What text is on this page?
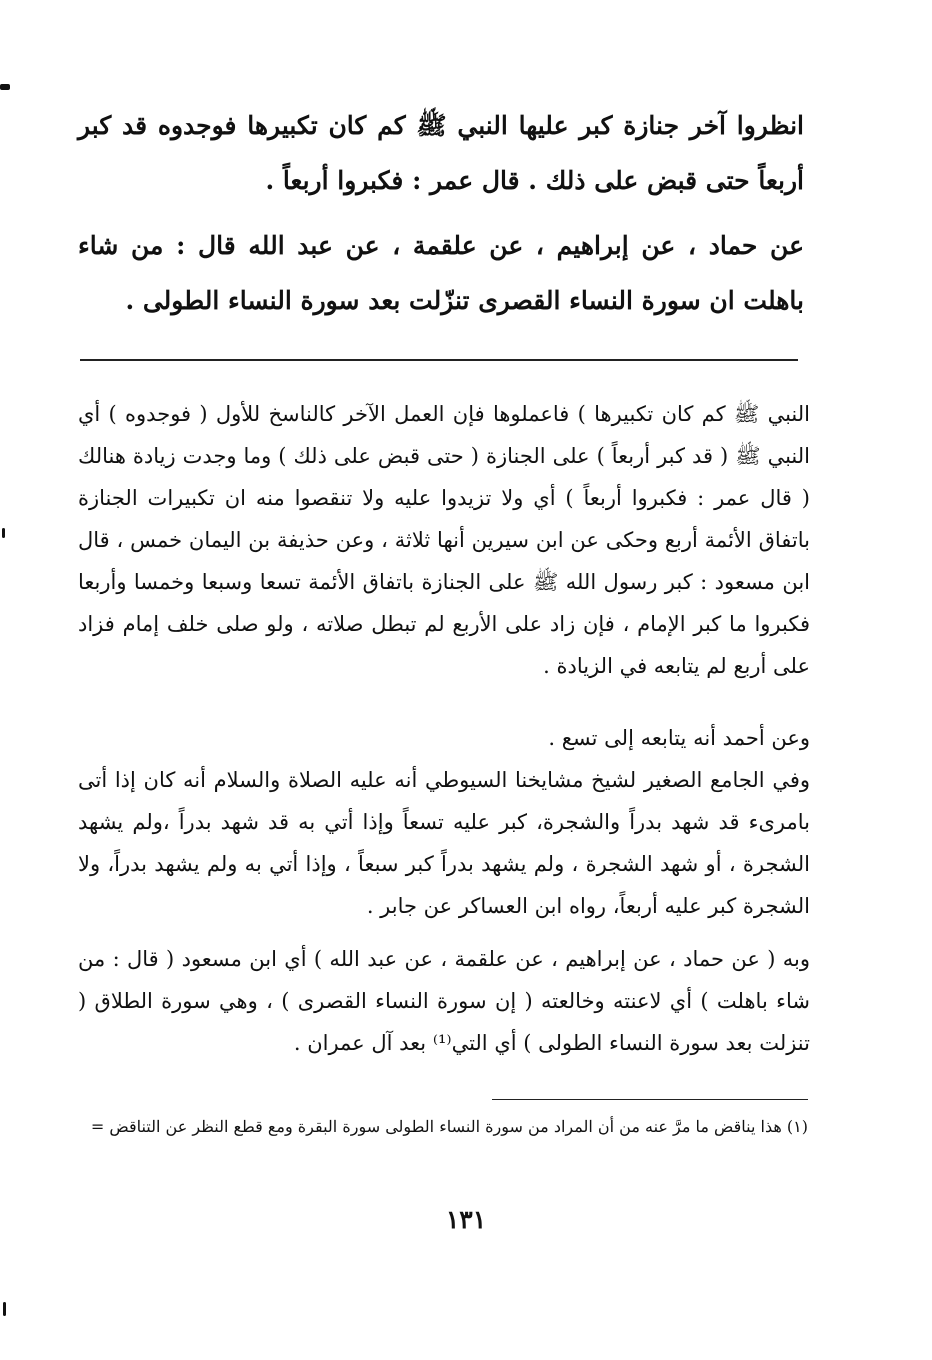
انظروا آخر جنازة كبر عليها النبي ﷺ كم كان تكبيرها فوجدوه قد كبر أربعاً حتى قبض على ذلك . قال عمر : فكبروا أربعاً .

عن حماد ، عن إبراهيم ، عن علقمة ، عن عبد الله قال : من شاء باهلت ان سورة النساء القصرى تنزّلت بعد سورة النساء الطولى .

النبي ﷺ كم كان تكبيرها ) فاعملوها فإن العمل الآخر كالناسخ للأول ( فوجدوه ) أي النبي ﷺ ( قد كبر أربعاً ) على الجنازة ( حتى قبض على ذلك ) وما وجدت زيادة هنالك ( قال عمر : فكبروا أربعاً ) أي ولا تزيدوا عليه ولا تنقصوا منه ان تكبيرات الجنازة باتفاق الأئمة أربع وحكى عن ابن سيرين أنها ثلاثة ، وعن حذيفة بن اليمان خمس ، قال ابن مسعود : كبر رسول الله ﷺ على الجنازة باتفاق الأئمة تسعا وسبعا وخمسا وأربعا فكبروا ما كبر الإمام ، فإن زاد على الأربع لم تبطل صلاته ، ولو صلى خلف إمام فزاد على أربع لم يتابعه في الزيادة .

وعن أحمد أنه يتابعه إلى تسع .

وفي الجامع الصغير لشيخ مشايخنا السيوطي أنه عليه الصلاة والسلام أنه كان إذا أتى بامرىء قد شهد بدراً والشجرة، كبر عليه تسعاً وإذا أتي به قد شهد بدراً ،ولم يشهد الشجرة ، أو شهد الشجرة ، ولم يشهد بدراً كبر سبعاً ، وإذا أتي به ولم يشهد بدراً، ولا الشجرة كبر عليه أربعاً، رواه ابن العساكر عن جابر .

وبه ( عن حماد ، عن إبراهيم ، عن علقمة ، عن عبد الله ) أي ابن مسعود ( قال : من شاء باهلت ) أي لاعنته وخالعته ( إن سورة النساء القصرى ) ، وهي سورة الطلاق ( تنزلت بعد سورة النساء الطولى ) أي التي⁽¹⁾ بعد آل عمران .

(١) هذا يناقض ما مرَّ عنه من أن المراد من سورة النساء الطولى سورة البقرة ومع قطع النظر عن التناقض =

١٣١
